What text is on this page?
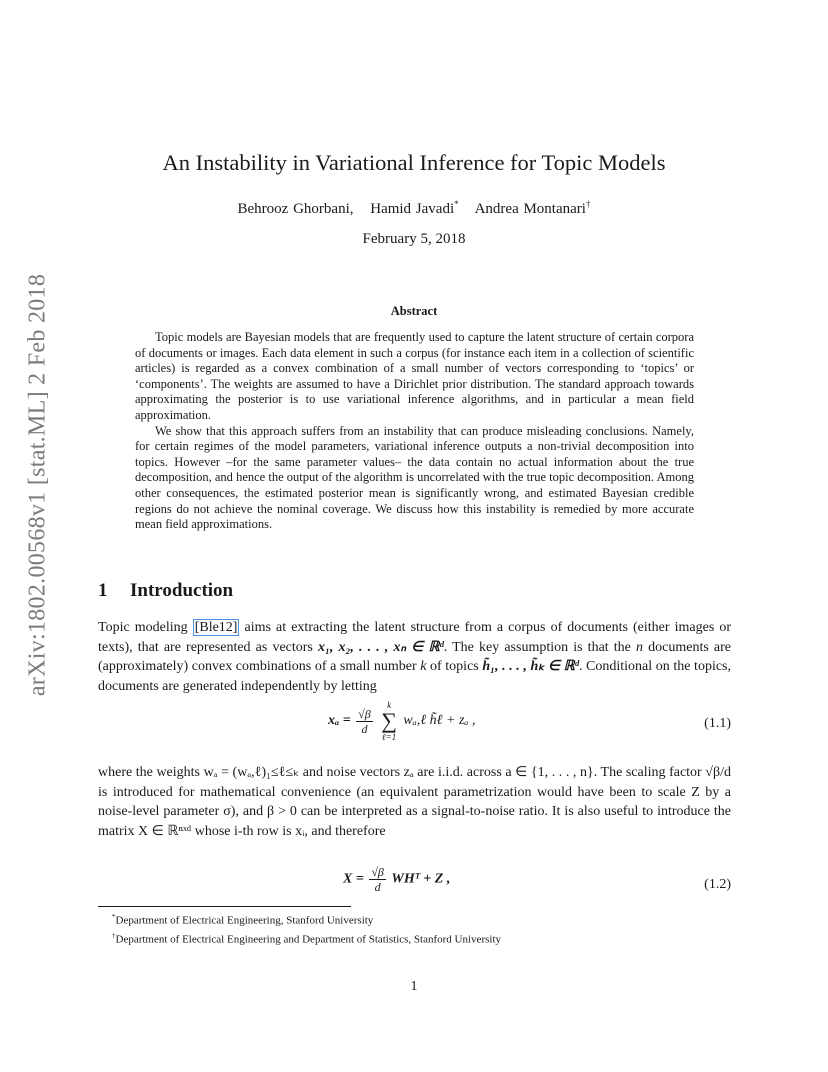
arXiv:1802.00568v1 [stat.ML] 2 Feb 2018
An Instability in Variational Inference for Topic Models
Behrooz Ghorbani, Hamid Javadi* Andrea Montanari†
February 5, 2018
Abstract

Topic models are Bayesian models that are frequently used to capture the latent structure of certain corpora of documents or images. Each data element in such a corpus (for instance each item in a collection of scientific articles) is regarded as a convex combination of a small number of vectors corresponding to ‘topics’ or ‘components’. The weights are assumed to have a Dirichlet prior distribution. The standard approach towards approximating the posterior is to use variational inference algorithms, and in particular a mean field approximation.

We show that this approach suffers from an instability that can produce misleading conclusions. Namely, for certain regimes of the model parameters, variational inference outputs a non-trivial decomposition into topics. However –for the same parameter values– the data contain no actual information about the true decomposition, and hence the output of the algorithm is uncorrelated with the true topic decomposition. Among other consequences, the estimated posterior mean is significantly wrong, and estimated Bayesian credible regions do not achieve the nominal coverage. We discuss how this instability is remedied by more accurate mean field approximations.

1 Introduction
Topic modeling [Ble12] aims at extracting the latent structure from a corpus of documents (either images or texts), that are represented as vectors x₁, x₂, . . . , xₙ ∈ ℝᵈ. The key assumption is that the n documents are (approximately) convex combinations of a small number k of topics h̃₁, . . . , h̃ₖ ∈ ℝᵈ. Conditional on the topics, documents are generated independently by letting
$x_a = \frac{√\beta}{d}$

k
∑
ℓ=1
wₐ,ℓ h̃ℓ + zₐ ,	(1.1)
where the weights wₐ = (wₐ,ℓ)₁≤ℓ≤ₖ and noise vectors zₐ are i.i.d. across a ∈ {1, . . . , n}. The scaling factor √β/d is introduced for mathematical convenience (an equivalent parametrization would have been to scale Z by a noise-level parameter σ), and β > 0 can be interpreted as a signal-to-noise ratio. It is also useful to introduce the matrix X ∈ ℝⁿˣᵈ whose i-th row is xᵢ, and therefore
$X = \frac{√\beta}{d}$ WHᵀ + Z ,	(1.2)
*Department of Electrical Engineering, Stanford University
†Department of Electrical Engineering and Department of Statistics, Stanford University
1
